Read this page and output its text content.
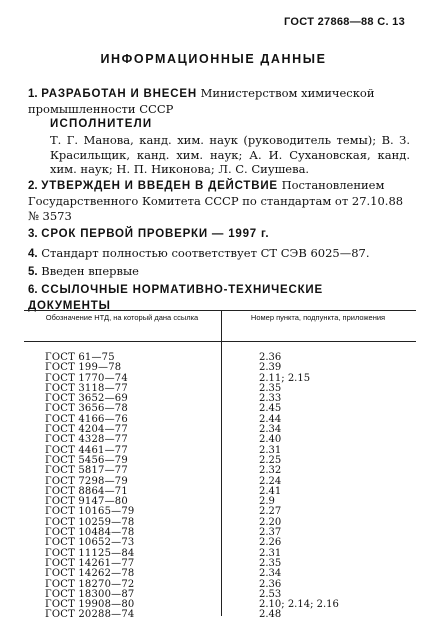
ГОСТ 27868—88 С. 13
ИНФОРМАЦИОННЫЕ ДАННЫЕ
1. РАЗРАБОТАН И ВНЕСЕН Министерством химической промышленности СССР
ИСПОЛНИТЕЛИ
Т. Г. Манова, канд. хим. наук (руководитель темы); В. З. Красильщик, канд. хим. наук; А. И. Сухановская, канд. хим. наук; Н. П. Никонова; Л. С. Сиушева.
2. УТВЕРЖДЕН И ВВЕДЕН В ДЕЙСТВИЕ Постановлением Государственного Комитета СССР по стандартам от 27.10.88 № 3573
3. СРОК ПЕРВОЙ ПРОВЕРКИ — 1997 г.
4. Стандарт полностью соответствует СТ СЭВ 6025—87.
5. Введен впервые
6. ССЫЛОЧНЫЕ НОРМАТИВНО-ТЕХНИЧЕСКИЕ ДОКУМЕНТЫ
Обозначение НТД, на который дана ссылка	Номер пункта, подпункта, приложения
ГОСТ 61—75	2.36
ГОСТ 199—78	2.39
ГОСТ 1770—74	2.11; 2.15
ГОСТ 3118—77	2.35
ГОСТ 3652—69	2.33
ГОСТ 3656—78	2.45
ГОСТ 4166—76	2.44
ГОСТ 4204—77	2.34
ГОСТ 4328—77	2.40
ГОСТ 4461—77	2.31
ГОСТ 5456—79	2.25
ГОСТ 5817—77	2.32
ГОСТ 7298—79	2.24
ГОСТ 8864—71	2.41
ГОСТ 9147—80	2.9
ГОСТ 10165—79	2.27
ГОСТ 10259—78	2.20
ГОСТ 10484—78	2.37
ГОСТ 10652—73	2.26
ГОСТ 11125—84	2.31
ГОСТ 14261—77	2.35
ГОСТ 14262—78	2.34
ГОСТ 18270—72	2.36
ГОСТ 18300—87	2.53
ГОСТ 19908—80	2.10; 2.14; 2.16
ГОСТ 20288—74	2.48
